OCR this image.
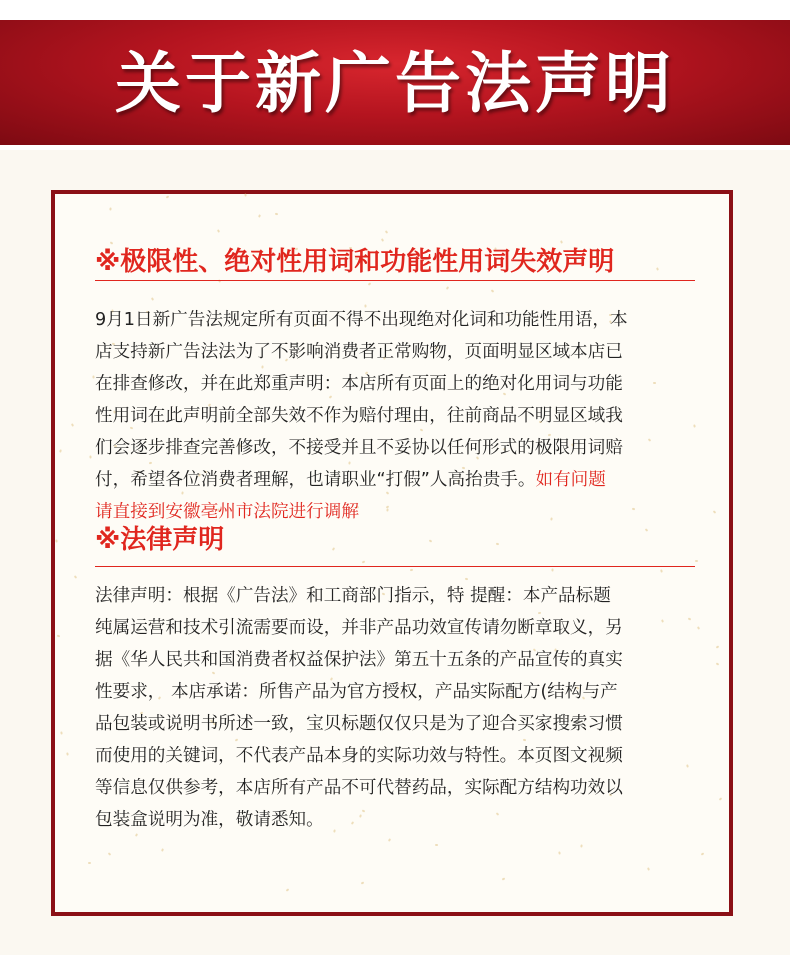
关于新广告法声明
※极限性、绝对性用词和功能性用词失效声明
9月1日新广告法规定所有页面不得不出现绝对化词和功能性用语，本
店支持新广告法法为了不影响消费者正常购物，页面明显区域本店已
在排查修改，并在此郑重声明：本店所有页面上的绝对化用词与功能
性用词在此声明前全部失效不作为赔付理由，往前商品不明显区域我
们会逐步排查完善修改，不接受并且不妥协以任何形式的极限用词赔
付，希望各位消费者理解，也请职业“打假”人高抬贵手。如有问题
请直接到安徽亳州市法院进行调解
※法律声明
法律声明：根据《广告法》和工商部门指示，特 提醒：本产品标题
纯属运营和技术引流需要而设，并非产品功效宣传请勿断章取义，另
据《华人民共和国消费者权益保护法》第五十五条的产品宣传的真实
性要求， 本店承诺：所售产品为官方授权，产品实际配方(结构与产
品包装或说明书所述一致，宝贝标题仅仅只是为了迎合买家搜索习惯
而使用的关键词，不代表产品本身的实际功效与特性。本页图文视频
等信息仅供参考，本店所有产品不可代替药品，实际配方结构功效以
包装盒说明为准，敬请悉知。
